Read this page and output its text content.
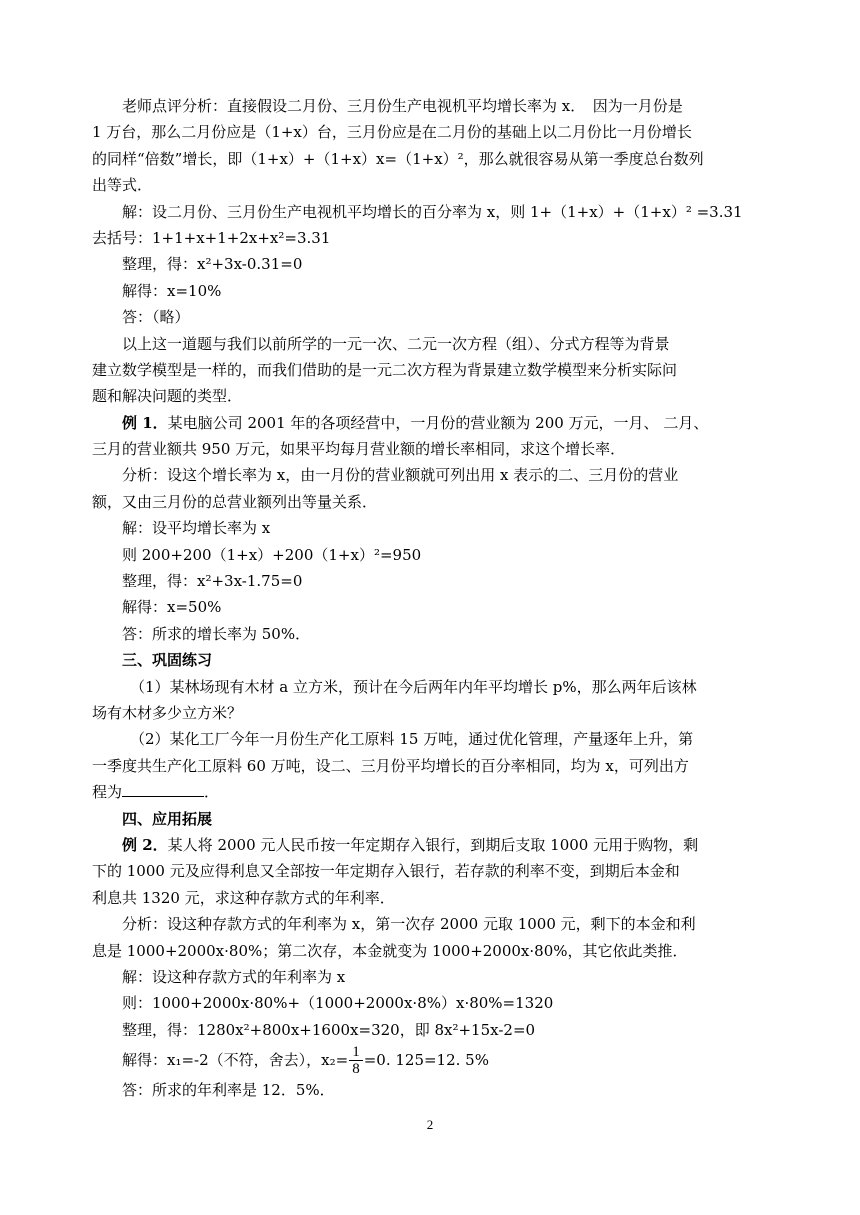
老师点评分析：直接假设二月份、三月份生产电视机平均增长率为 x．　因为一月份是
1 万台，那么二月份应是（1+x）台，三月份应是在二月份的基础上以二月份比一月份增长
的同样“倍数”增长，即（1+x）+（1+x）x=（1+x）²，那么就很容易从第一季度总台数列
出等式．
解：设二月份、三月份生产电视机平均增长的百分率为 x，则 1+（1+x）+（1+x）² =3.31
去括号：1+1+x+1+2x+x²=3.31
整理，得：x²+3x-0.31=0
解得：x=10%
答：（略）
以上这一道题与我们以前所学的一元一次、二元一次方程（组）、分式方程等为背景
建立数学模型是一样的，而我们借助的是一元二次方程为背景建立数学模型来分析实际问
题和解决问题的类型．
例 1．某电脑公司 2001 年的各项经营中，一月份的营业额为 200 万元，一月、 二月、
三月的营业额共 950 万元，如果平均每月营业额的增长率相同，求这个增长率．
分析：设这个增长率为 x，由一月份的营业额就可列出用 x 表示的二、三月份的营业
额，又由三月份的总营业额列出等量关系．
解：设平均增长率为 x
则 200+200（1+x）+200（1+x）²=950
整理，得：x²+3x-1.75=0
解得：x=50%
答：所求的增长率为 50%．
三、巩固练习
（1）某林场现有木材 a 立方米，预计在今后两年内年平均增长 p%，那么两年后该林
场有木材多少立方米？
（2）某化工厂今年一月份生产化工原料 15 万吨，通过优化管理，产量逐年上升，第
一季度共生产化工原料 60 万吨，设二、三月份平均增长的百分率相同，均为 x，可列出方
程为	．
四、应用拓展
例 2．某人将 2000 元人民币按一年定期存入银行，到期后支取 1000 元用于购物，剩
下的 1000 元及应得利息又全部按一年定期存入银行，若存款的利率不变，到期后本金和
利息共 1320 元，求这种存款方式的年利率．
分析：设这种存款方式的年利率为 x，第一次存 2000 元取 1000 元，剩下的本金和利
息是 1000+2000x·80%；第二次存，本金就变为 1000+2000x·80%，其它依此类推．
解：设这种存款方式的年利率为 x
则：1000+2000x·80%+（1000+2000x·8%）x·80%=1320
整理，得：1280x²+800x+1600x=320，即 8x²+15x-2=0
解得：x₁=-2（不符，舍去），$x_2= \frac{1}{8} =0$. 125=12. 5%
答：所求的年利率是 12．5%．
2
